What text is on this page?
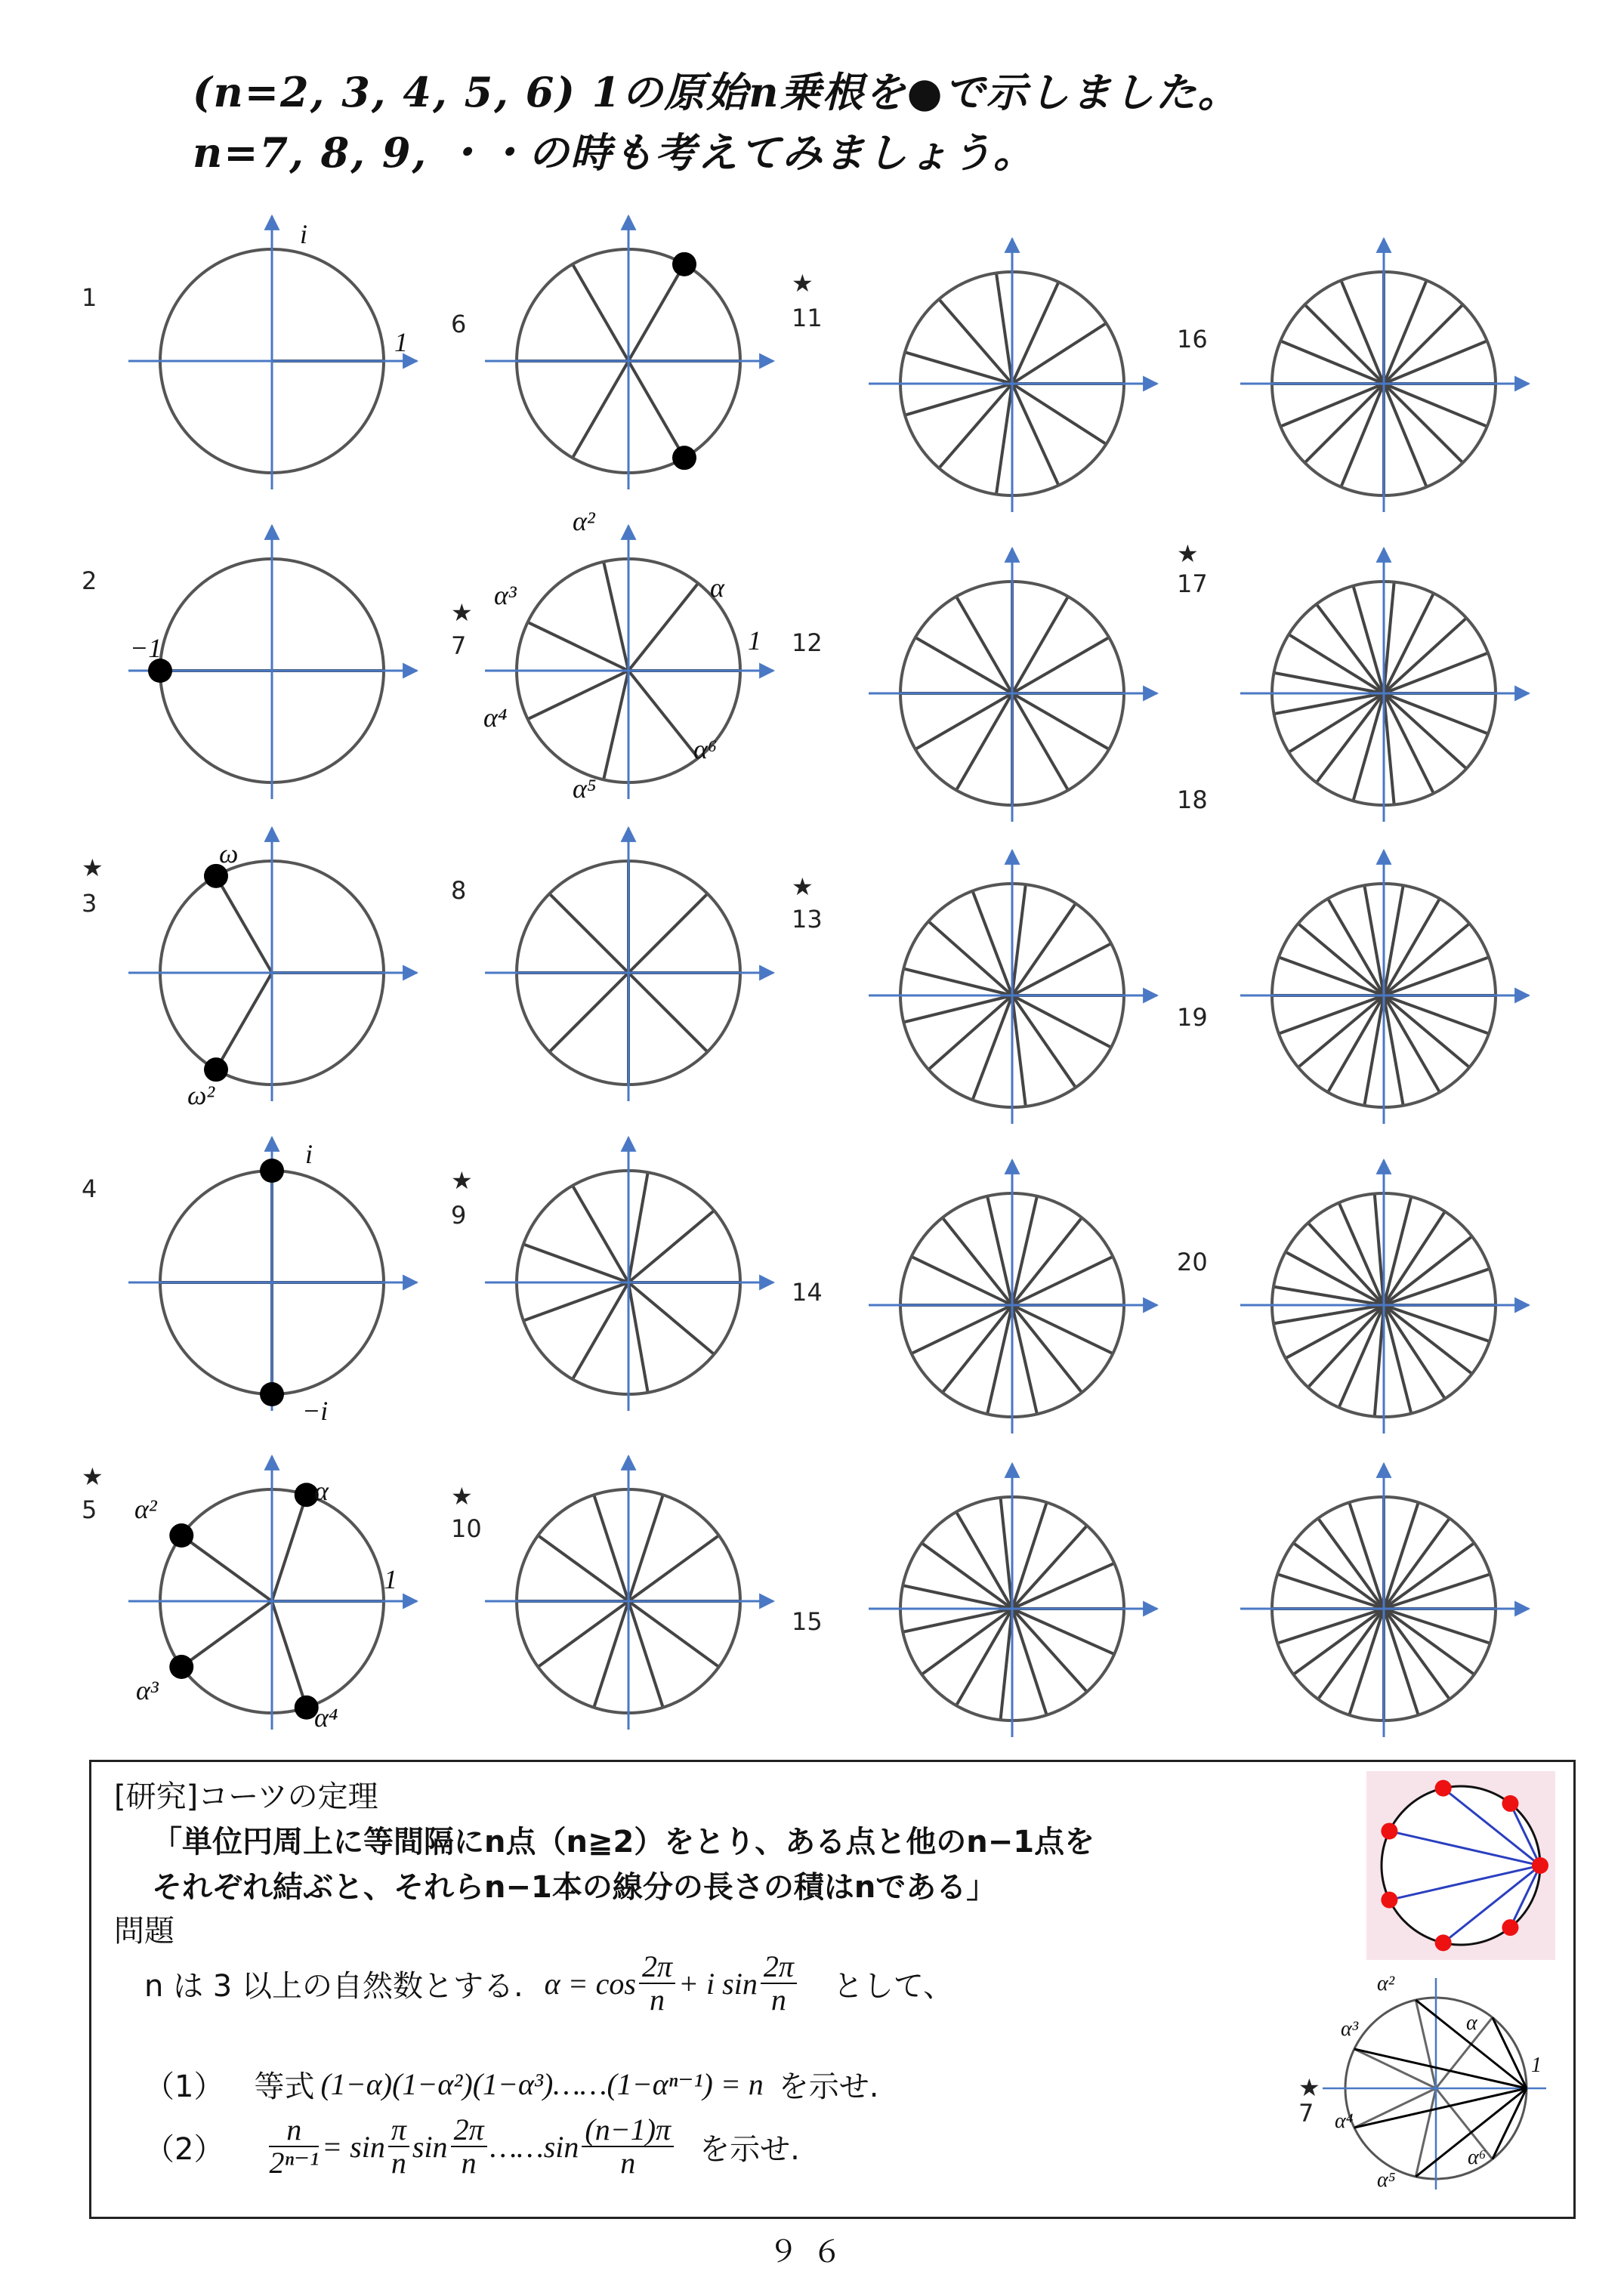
(n=2, 3, 4, 5, 6) 1の原始n乗根を●で示しました。
n=7, 8, 9, ・・の時も考えてみましょう。
1
2
3
★
4
5
★
6
7
★
8
9
★
10
★
11
★
12
13
★
14
15
16
17
★
18
19
20
i
1
−1
ω
ω²
i
−i
α
α²
α³
α⁴
1
α
α²
α³
α⁴
α⁵
α⁶
1

[研究]コーツの定理

「単位円周上に等間隔にn点（n≧2）をとり、ある点と他のn−1点を

それぞれ結ぶと、それらn−1本の線分の長さの積はnである」

問題

n は 3 以上の自然数とする. $\alpha = \cos \frac{2\pi}{n} + i$ $\sin \frac{2\pi}{n}$ として、
（1） 等式 (1−α)(1−α²)(1−α³)……(1−αⁿ⁻¹) = n を示せ.
$(2) \frac{n}{\text{2ⁿ⁻¹}} = \sin \frac{\pi}{n}$ $\sin \frac{2\pi}{n}$ ……sin $\frac{(n-1)\pi}{n}$ を示せ.
★
7
α
α²
α³
α⁴
α⁵
α⁶
1
９６
